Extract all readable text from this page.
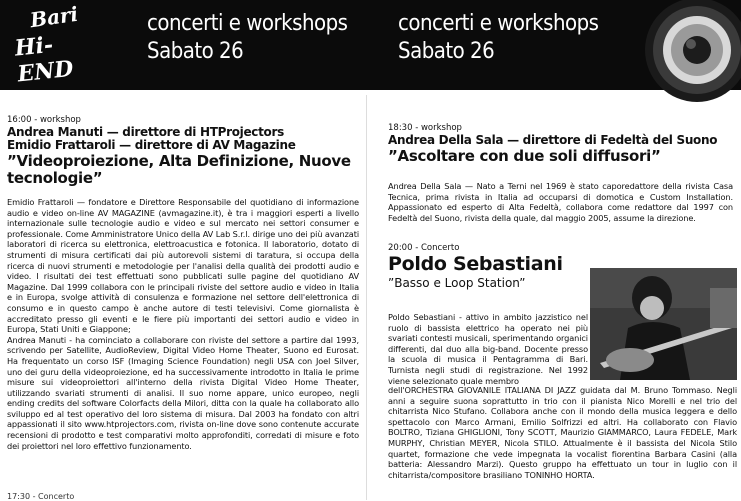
Bari
Hi-END
concerti e workshops
Sabato 26
concerti e workshops
Sabato 26
16:00 - workshop
Andrea Manuti — direttore di HTProjectors
Emidio Frattaroli — direttore di AV Magazine
”Videoproiezione, Alta Definizione, Nuove tecnologie”
Emidio Frattaroli — fondatore e Direttore Responsabile del quotidiano di informazione audio e video on-line AV MAGAZINE (avmagazine.it), è tra i maggiori esperti a livello internazionale sulle tecnologie audio e video e sul mercato nei settori consumer e professionale. Come Amministratore Unico della AV Lab S.r.l. dirige uno dei più avanzati laboratori di ricerca su elettronica, elettroacustica e fotonica. Il laboratorio, dotato di strumenti di misura certificati dai più autorevoli sistemi di taratura, si occupa della ricerca di nuovi strumenti e metodologie per l'analisi della qualità dei prodotti audio e video. I risultati dei test effettuati sono pubblicati sulle pagine del quotidiano AV Magazine. Dal 1999 collabora con le principali riviste del settore audio e video in Italia e in Europa, svolge attività di consulenza e formazione nel settore dell'elettronica di consumo e in questo campo è anche autore di testi televisivi. Come giornalista è accreditato presso gli eventi e le fiere più importanti dei settori audio e video in Europa, Stati Uniti e Giappone;
Andrea Manuti - ha cominciato a collaborare con riviste del settore a partire dal 1993, scrivendo per Satellite, AudioReview, Digital Video Home Theater, Suono ed Eurosat. Ha frequentato un corso ISF (Imaging Science Foundation) negli USA con Joel Silver, uno dei guru della videoproiezione, ed ha successivamente introdotto in Italia le prime misure sui videoproiettori all'interno della rivista Digital Video Home Theater, utilizzando svariati strumenti di analisi. Il suo nome appare, unico europeo, negli ending credits del software Colorfacts della Milori, ditta con la quale ha collaborato allo sviluppo ed al test operativo del loro sistema di misura. Dal 2003 ha fondato con altri appassionati il sito www.htprojectors.com, rivista on-line dove sono contenute accurate recensioni di prodotto e test comparativi molto approfonditi, corredati di misure e foto dei proiettori nel loro effettivo funzionamento.
17:30 - Concerto
18:30 - workshop
Andrea Della Sala — direttore di Fedeltà del Suono
”Ascoltare con due soli diffusori”
Andrea Della Sala — Nato a Terni nel 1969 è stato caporedattore della rivista Casa Tecnica, prima rivista in Italia ad occuparsi di domotica e Custom Installation. Appassionato ed esperto di Alta Fedeltà, collabora come redattore dal 1997 con Fedeltà del Suono, rivista della quale, dal maggio 2005, assume la direzione.
20:00 - Concerto
Poldo Sebastiani
”Basso e Loop Station”
Poldo Sebastiani - attivo in ambito jazzistico nel ruolo di bassista elettrico ha operato nei più svariati contesti musicali, sperimentando organici differenti, dal duo alla big-band. Docente presso la scuola di musica il Pentagramma di Bari. Turnista negli studi di registrazione. Nel 1992 viene selezionato quale membro
dell'ORCHESTRA GIOVANILE ITALIANA DI JAZZ guidata dal M. Bruno Tommaso. Negli anni a seguire suona soprattutto in trio con il pianista Nico Morelli e nel trio del chitarrista Nico Stufano. Collabora anche con il mondo della musica leggera e dello spettacolo con Marco Armani, Emilio Solfrizzi ed altri. Ha collaborato con Flavio BOLTRO, Tiziana GHIGLIONI, Tony SCOTT, Maurizio GIAMMARCO, Laura FEDELE, Mark MURPHY, Christian MEYER, Nicola STILO. Attualmente è il bassista del Nicola Stilo quartet, formazione che vede impegnata la vocalist fiorentina Barbara Casini (alla batteria: Alessandro Marzi). Questo gruppo ha effettuato un tour in luglio con il chitarrista/compositore brasiliano TONINHO HORTA.
